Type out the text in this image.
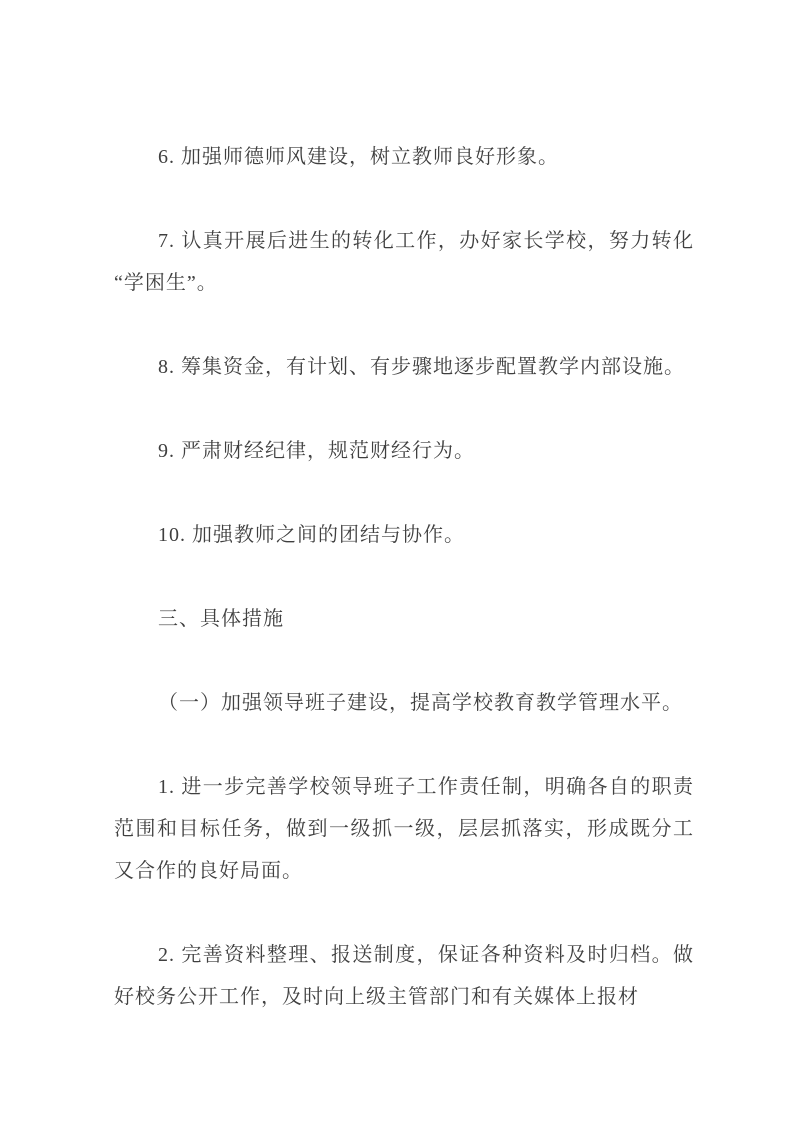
6. 加强师德师风建设，树立教师良好形象。

7. 认真开展后进生的转化工作，办好家长学校，努力转化“学困生”。

8. 筹集资金，有计划、有步骤地逐步配置教学内部设施。

9. 严肃财经纪律，规范财经行为。

10. 加强教师之间的团结与协作。

三、具体措施

（一）加强领导班子建设，提高学校教育教学管理水平。

1. 进一步完善学校领导班子工作责任制，明确各自的职责范围和目标任务，做到一级抓一级，层层抓落实，形成既分工又合作的良好局面。

2. 完善资料整理、报送制度，保证各种资料及时归档。做好校务公开工作，及时向上级主管部门和有关媒体上报材
